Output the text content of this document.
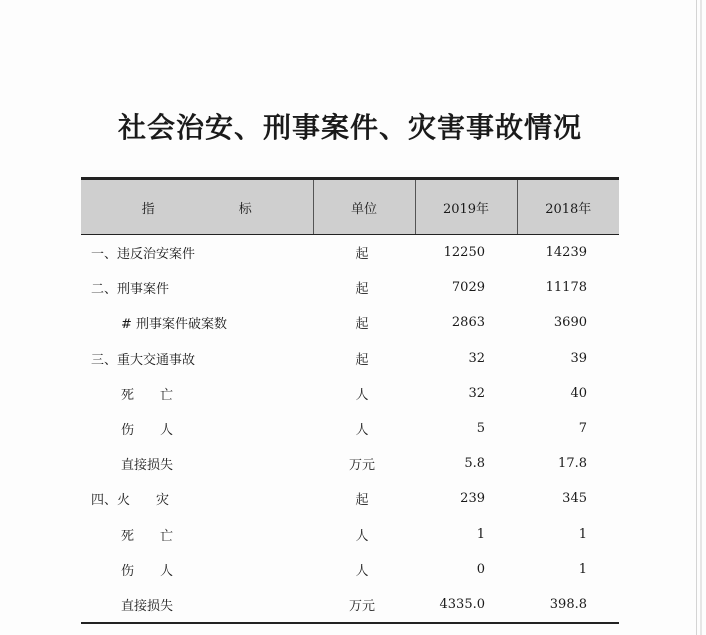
社会治安、刑事案件、灾害事故情况
指 标	单位	2019年	2018年
一、违反治安案件	起	12250	14239
二、刑事案件	起	7029	11178
# 刑事案件破案数	起	2863	3690
三、重大交通事故	起	32	39
死　　亡	人	32	40
伤　　人	人	5	7
直接损失	万元	5.8	17.8
四、火　　灾	起	239	345
死　　亡	人	1	1
伤　　人	人	0	1
直接损失	万元	4335.0	398.8
